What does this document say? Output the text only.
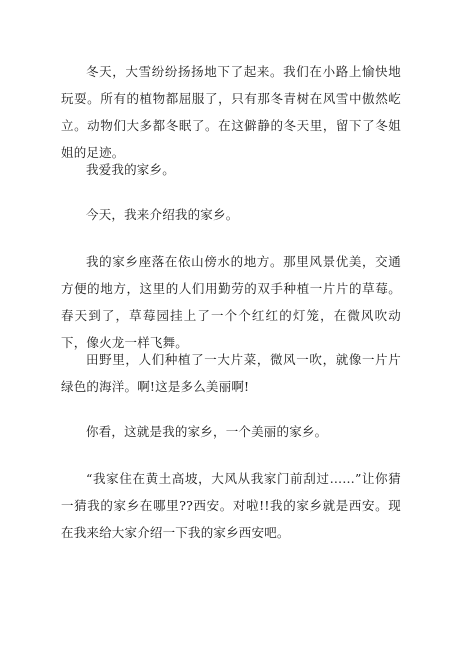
冬天，大雪纷纷扬扬地下了起来。我们在小路上愉快地玩耍。所有的植物都屈服了，只有那冬青树在风雪中傲然屹立。动物们大多都冬眠了。在这僻静的冬天里，留下了冬姐姐的足迹。

我爱我的家乡。

今天，我来介绍我的家乡。

我的家乡座落在依山傍水的地方。那里风景优美，交通方便的地方，这里的人们用勤劳的双手种植一片片的草莓。春天到了，草莓园挂上了一个个红红的灯笼，在微风吹动下，像火龙一样飞舞。

田野里，人们种植了一大片菜，微风一吹，就像一片片绿色的海洋。啊!这是多么美丽啊!

你看，这就是我的家乡，一个美丽的家乡。

“我家住在黄土高坡，大风从我家门前刮过……”让你猜一猜我的家乡在哪里??西安。对啦!!我的家乡就是西安。现在我来给大家介绍一下我的家乡西安吧。
